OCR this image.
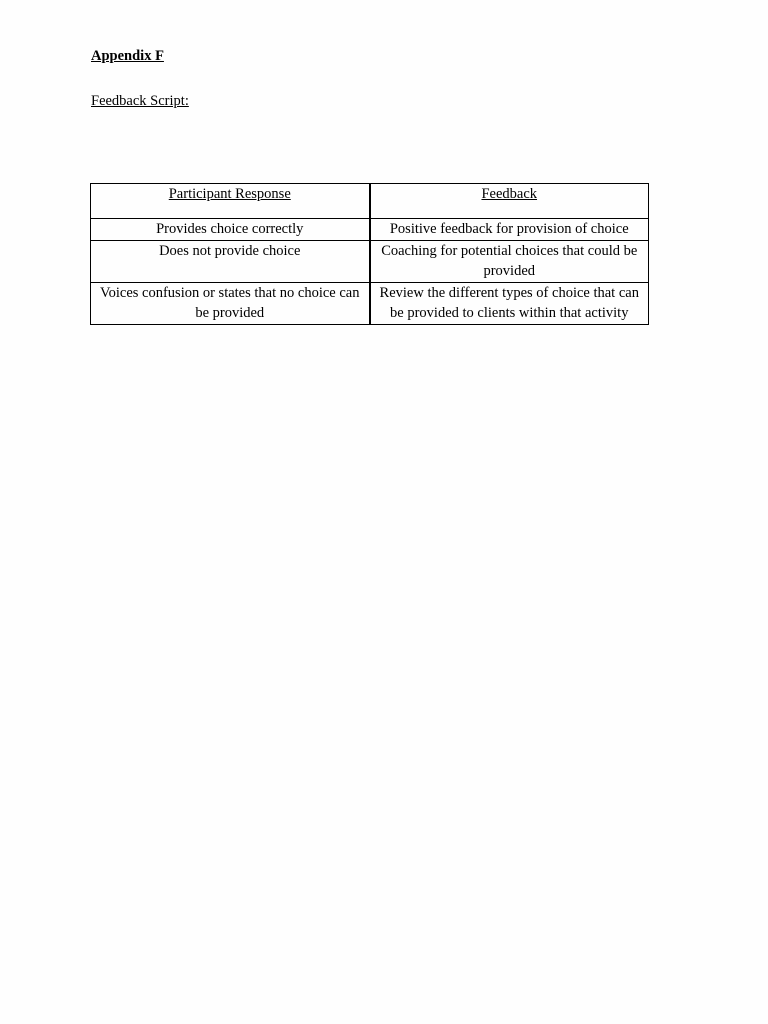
Appendix F
Feedback Script:
Participant Response	Feedback
Provides choice correctly	Positive feedback for provision of choice
Does not provide choice	Coaching for potential choices that could be provided
Voices confusion or states that no choice can be provided	Review the different types of choice that can be provided to clients within that activity
